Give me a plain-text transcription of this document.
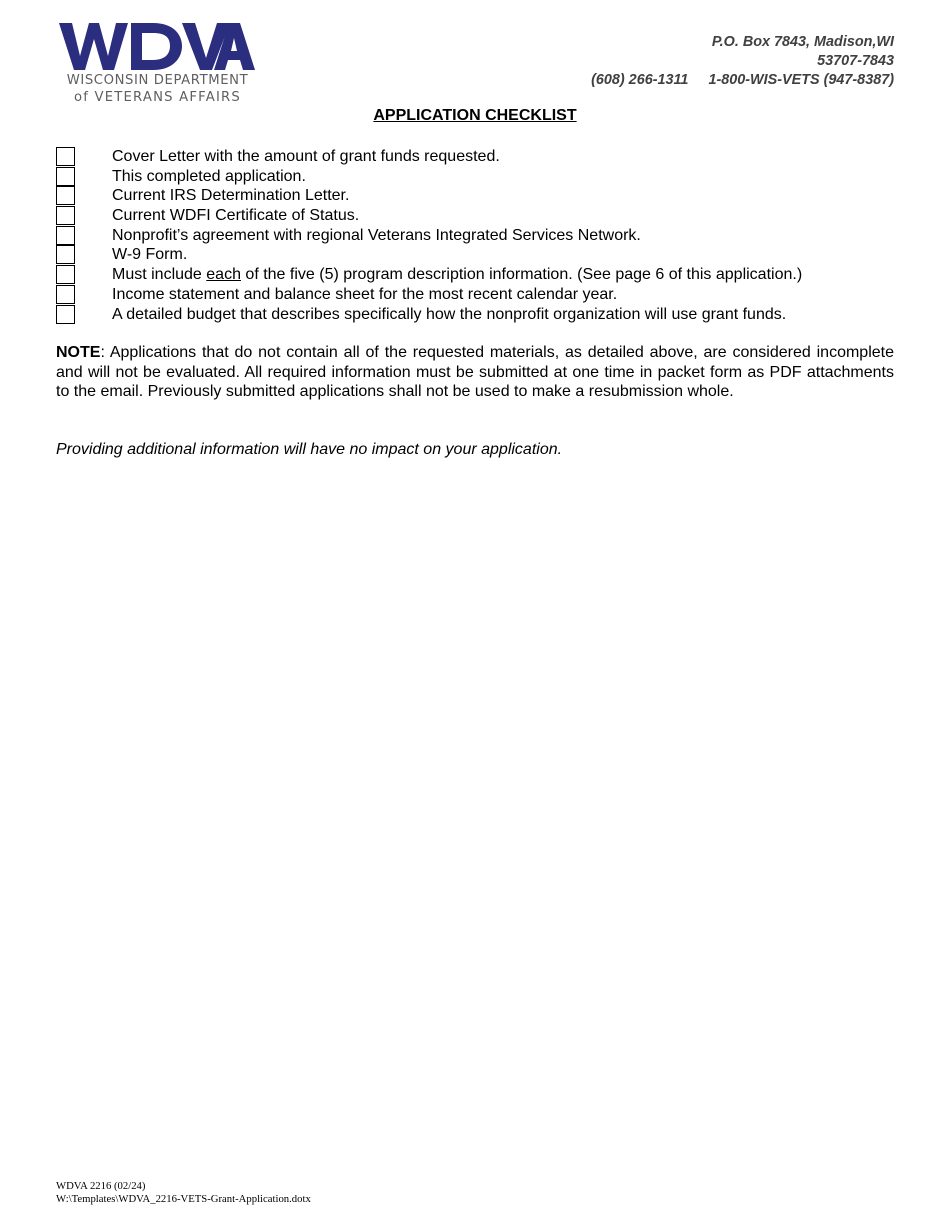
WISCONSIN DEPARTMENT
of VETERANS AFFAIRS
P.O. Box 7843, Madison,WI
53707-7843
(608) 266-1311 1-800-WIS-VETS (947-8387)
APPLICATION CHECKLIST
Cover Letter with the amount of grant funds requested.
This completed application.
Current IRS Determination Letter.
Current WDFI Certificate of Status.
Nonprofit’s agreement with regional Veterans Integrated Services Network.
W-9 Form.
Must include each of the five (5) program description information. (See page 6 of this application.)
Income statement and balance sheet for the most recent calendar year.
A detailed budget that describes specifically how the nonprofit organization will use grant funds.

NOTE: Applications that do not contain all of the requested materials, as detailed above, are considered incomplete and will not be evaluated. All required information must be submitted at one time in packet form as PDF attachments to the email. Previously submitted applications shall not be used to make a resubmission whole.

Providing additional information will have no impact on your application.
WDVA 2216 (02/24)
W:\Templates\WDVA_2216-VETS-Grant-Application.dotx
